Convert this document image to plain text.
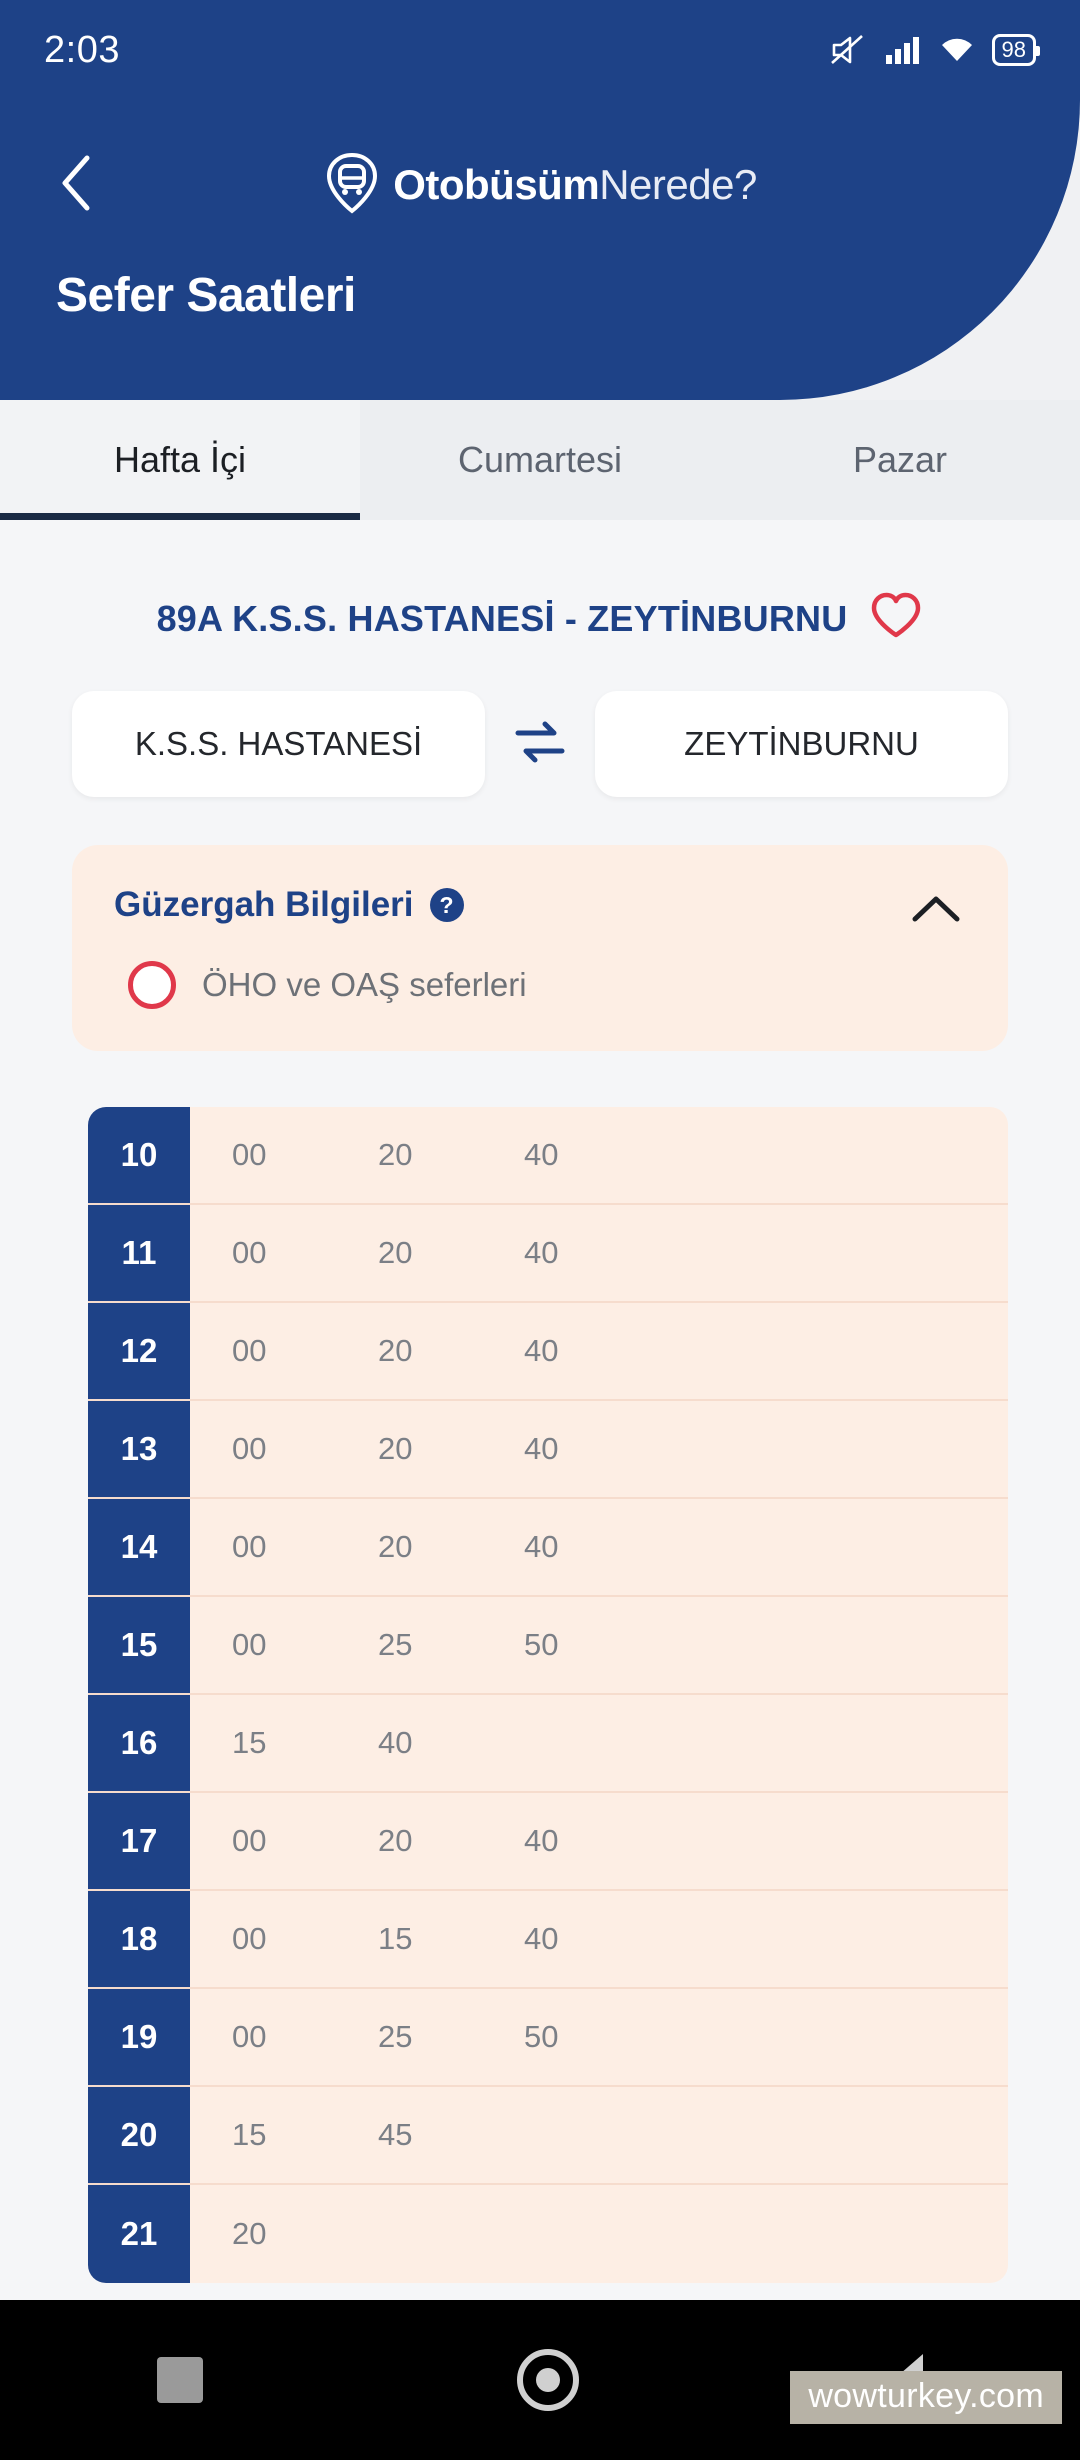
2:03	98
OtobüsümNerede?
Sefer Saatleri
Hafta İçi	Cumartesi	Pazar
89A K.S.S. HASTANESİ - ZEYTİNBURNU
K.S.S. HASTANESİ	ZEYTİNBURNU
Güzergah Bilgileri	?
ÖHO ve OAŞ seferleri
10	00	20	40
11	00	20	40
12	00	20	40
13	00	20	40
14	00	20	40
15	00	25	50
16	15	40
17	00	20	40
18	00	15	40
19	00	25	50
20	15	45
21	20
wowturkey.com
